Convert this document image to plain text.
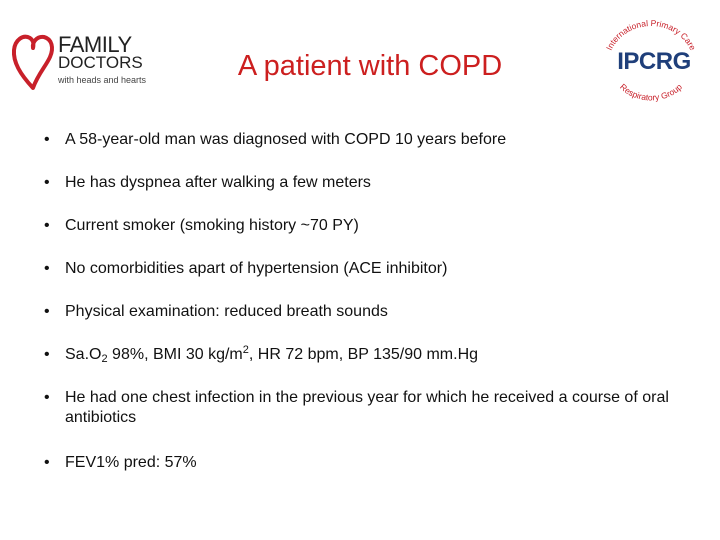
FAMILY
DOCTORS
with heads and hearts	A patient with COPD
International Primary Care
Respiratory Group
IPCRG
• A 58-year-old man was diagnosed with COPD 10 years before
• He has dyspnea after walking a few meters
• Current smoker (smoking history ~70 PY)
• No comorbidities apart of hypertension (ACE inhibitor)
• Physical examination: reduced breath sounds
• $Sa.O_2$ 98%, BMI 30 $kg/m^2$, HR 72 bpm, BP 135/90 mm.Hg
• He had one chest infection in the previous year for which he received a course of oral antibiotics
• FEV1% pred: 57%
